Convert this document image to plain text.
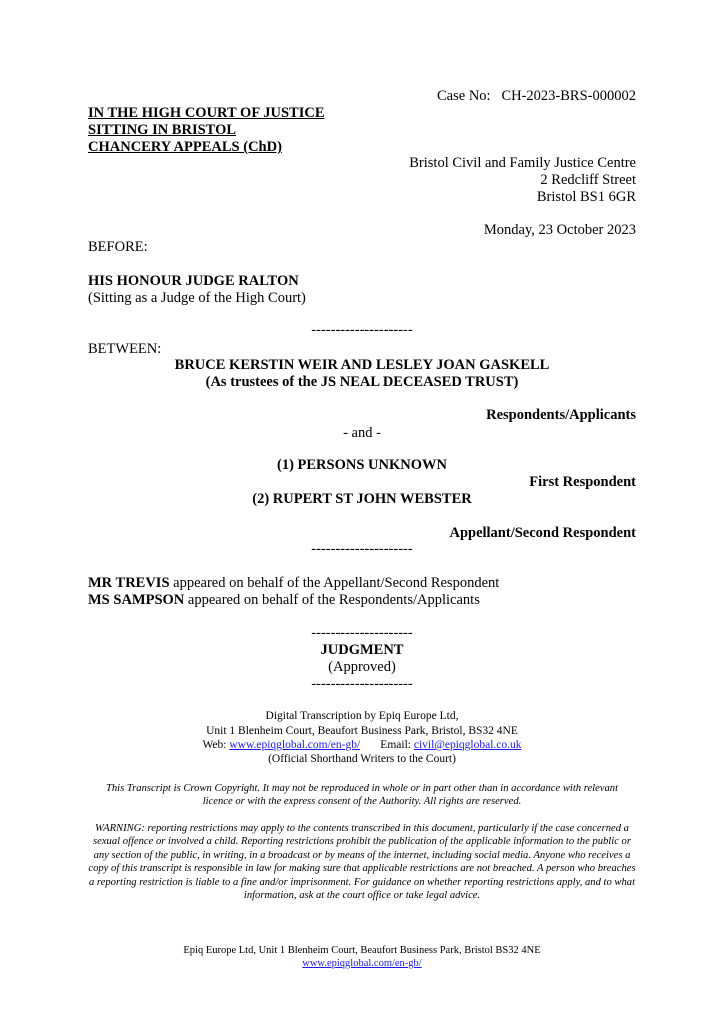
Case No: CH-2023-BRS-000002
IN THE HIGH COURT OF JUSTICE
SITTING IN BRISTOL
CHANCERY APPEALS (ChD)
Bristol Civil and Family Justice Centre
2 Redcliff Street
Bristol BS1 6GR
Monday, 23 October 2023
BEFORE:
HIS HONOUR JUDGE RALTON
(Sitting as a Judge of the High Court)
---------------------
BETWEEN:
BRUCE KERSTIN WEIR AND LESLEY JOAN GASKELL
(As trustees of the JS NEAL DECEASED TRUST)
Respondents/Applicants
- and -
(1) PERSONS UNKNOWN
First Respondent
(2) RUPERT ST JOHN WEBSTER
Appellant/Second Respondent
---------------------
MR TREVIS appeared on behalf of the Appellant/Second Respondent
MS SAMPSON appeared on behalf of the Respondents/Applicants
---------------------
JUDGMENT
(Approved)
---------------------
Digital Transcription by Epiq Europe Ltd,
Unit 1 Blenheim Court, Beaufort Business Park, Bristol, BS32 4NE
Web: www.epiqglobal.com/en-gb/ Email: civil@epiqglobal.co.uk
(Official Shorthand Writers to the Court)
This Transcript is Crown Copyright. It may not be reproduced in whole or in part other than in accordance with relevant licence or with the express consent of the Authority. All rights are reserved.
WARNING: reporting restrictions may apply to the contents transcribed in this document, particularly if the case concerned a sexual offence or involved a child. Reporting restrictions prohibit the publication of the applicable information to the public or any section of the public, in writing, in a broadcast or by means of the internet, including social media. Anyone who receives a copy of this transcript is responsible in law for making sure that applicable restrictions are not breached. A person who breaches a reporting restriction is liable to a fine and/or imprisonment. For guidance on whether reporting restrictions apply, and to what information, ask at the court office or take legal advice.
Epiq Europe Ltd, Unit 1 Blenheim Court, Beaufort Business Park, Bristol BS32 4NE
www.epiqglobal.com/en-gb/
